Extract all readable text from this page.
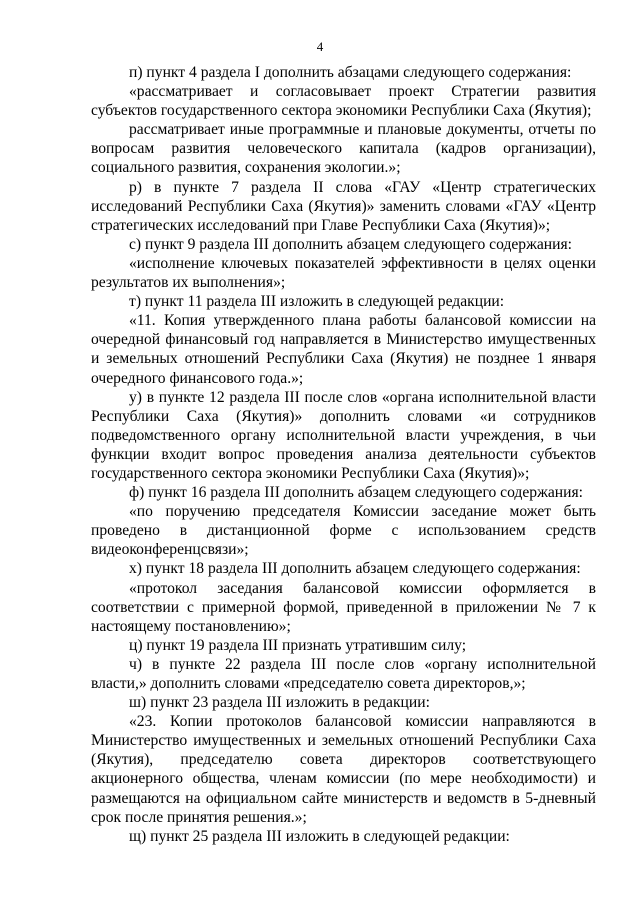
4

п) пункт 4 раздела I дополнить абзацами следующего содержания:

«рассматривает и согласовывает проект Стратегии развития субъектов государственного сектора экономики Республики Саха (Якутия);

рассматривает иные программные и плановые документы, отчеты по вопросам развития человеческого капитала (кадров организации), социального развития, сохранения экологии.»;

р) в пункте 7 раздела II слова «ГАУ «Центр стратегических исследований Республики Саха (Якутия)» заменить словами «ГАУ «Центр стратегических исследований при Главе Республики Саха (Якутия)»;

с) пункт 9 раздела III дополнить абзацем следующего содержания:

«исполнение ключевых показателей эффективности в целях оценки результатов их выполнения»;

т) пункт 11 раздела III изложить в следующей редакции:

«11. Копия утвержденного плана работы балансовой комиссии на очередной финансовый год направляется в Министерство имущественных и земельных отношений Республики Саха (Якутия) не позднее 1 января очередного финансового года.»;

у) в пункте 12 раздела III после слов «органа исполнительной власти Республики Саха (Якутия)» дополнить словами «и сотрудников подведомственного органу исполнительной власти учреждения, в чьи функции входит вопрос проведения анализа деятельности субъектов государственного сектора экономики Республики Саха (Якутия)»;

ф) пункт 16 раздела III дополнить абзацем следующего содержания:

«по поручению председателя Комиссии заседание может быть проведено в дистанционной форме с использованием средств видеоконференцсвязи»;

х) пункт 18 раздела III дополнить абзацем следующего содержания:

«протокол заседания балансовой комиссии оформляется в соответствии с примерной формой, приведенной в приложении № 7 к настоящему постановлению»;

ц) пункт 19 раздела III признать утратившим силу;

ч) в пункте 22 раздела III после слов «органу исполнительной власти,» дополнить словами «председателю совета директоров,»;

ш) пункт 23 раздела III изложить в редакции:

«23. Копии протоколов балансовой комиссии направляются в Министерство имущественных и земельных отношений Республики Саха (Якутия), председателю совета директоров соответствующего акционерного общества, членам комиссии (по мере необходимости) и размещаются на официальном сайте министерств и ведомств в 5-дневный срок после принятия решения.»;

щ) пункт 25 раздела III изложить в следующей редакции:
